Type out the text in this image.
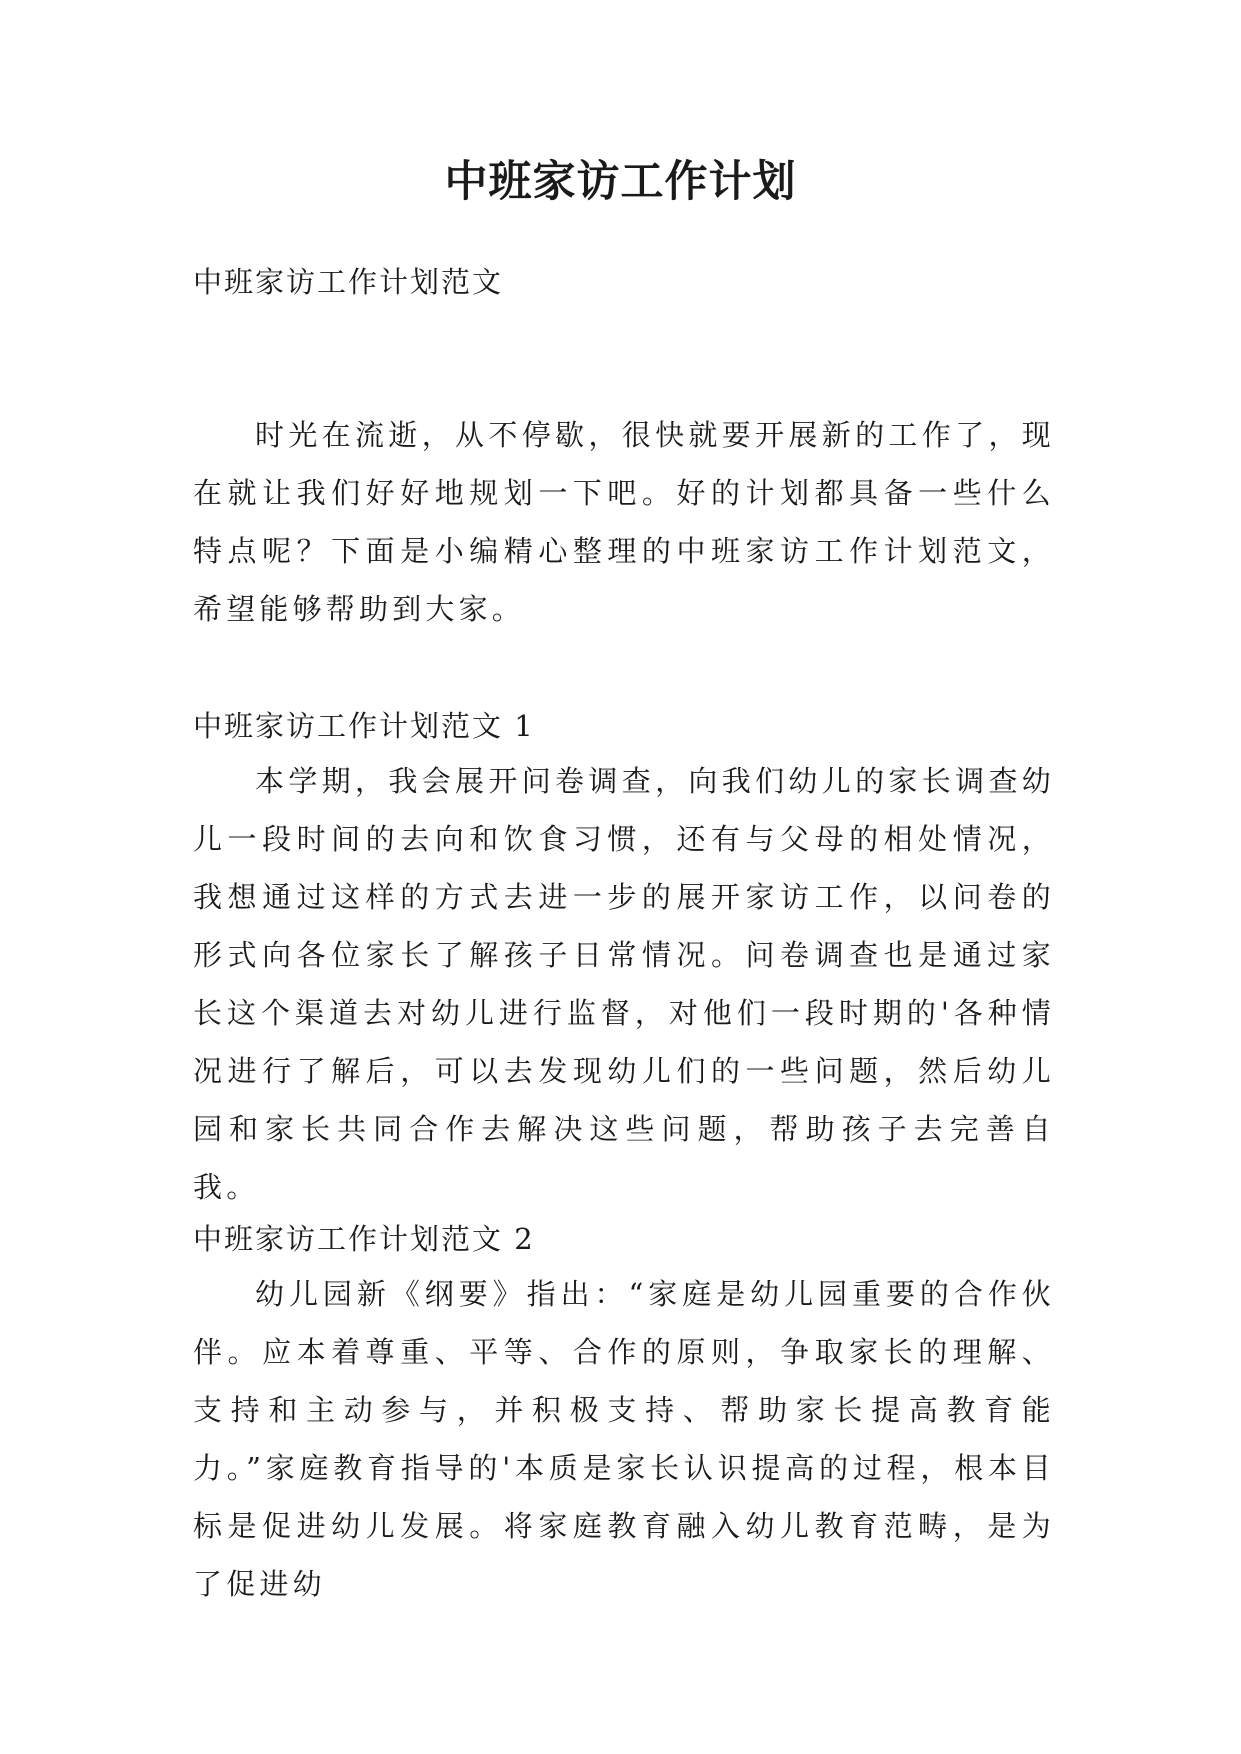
中班家访工作计划

中班家访工作计划范文

时光在流逝，从不停歇，很快就要开展新的工作了，现在就让我们好好地规划一下吧。好的计划都具备一些什么特点呢？下面是小编精心整理的中班家访工作计划范文，希望能够帮助到大家。

中班家访工作计划范文 1

本学期，我会展开问卷调查，向我们幼儿的家长调查幼儿一段时间的去向和饮食习惯，还有与父母的相处情况，我想通过这样的方式去进一步的展开家访工作，以问卷的形式向各位家长了解孩子日常情况。问卷调查也是通过家长这个渠道去对幼儿进行监督，对他们一段时期的'各种情况进行了解后，可以去发现幼儿们的一些问题，然后幼儿园和家长共同合作去解决这些问题，帮助孩子去完善自我。

中班家访工作计划范文 2

幼儿园新《纲要》指出：“家庭是幼儿园重要的合作伙伴。应本着尊重、平等、合作的原则，争取家长的理解、支持和主动参与，并积极支持、帮助家长提高教育能力。”家庭教育指导的'本质是家长认识提高的过程，根本目标是促进幼儿发展。将家庭教育融入幼儿教育范畴，是为了促进幼
